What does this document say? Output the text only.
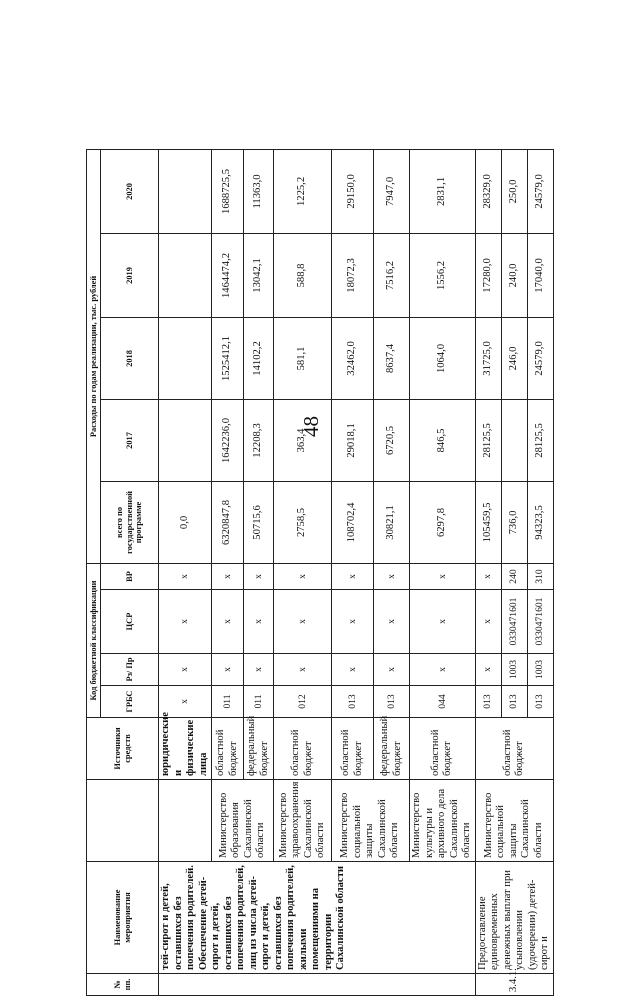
48
№ пп.	Наименование мероприятия		Источники средств	Код бюджетной классификации				Расходы по годам реализации, тыс. рублей				
				ГРБС	Рз/ Пр	ЦСР	ВР	всего по государственной программе	2017	2018	2019	2020
	тей-сирот и детей, оставшихся без попечения родителей. Обеспечение детей-сирот и детей, оставшихся без попечения родителей, лиц из числа детей-сирот и детей, оставшихся без попечения родителей, жилыми помещениями на территории Сахалинской области		юридические и физические лица	х	х	х	х	0,0				
		Министерство образования Сахалинской области	областной бюджет	011	х	х	х	6320847,8	1642236,0	1525412,1	1464474,2	1688725,5
			федеральный бюджет	011	х	х	х	50715,6	12208,3	14102,2	13042,1	11363,0
		Министерство здравоохранения Сахалинской области	областной бюджет	012	х	х	х	2758,5	363,4	581,1	588,8	1225,2
		Министерство социальной защиты Сахалинской области	областной бюджет	013	х	х	х	108702,4	29018,1	32462,0	18072,3	29150,0
			федеральный бюджет	013	х	х	х	30821,1	6720,5	8637,4	7516,2	7947,0
		Министерство культуры и архивного дела Сахалинской области	областной бюджет	044	х	х	х	6297,8	846,5	1064,0	1556,2	2831,1
3.4.1.	Предоставление единовременных денежных выплат при усыновлении (удочерении) детей-сирот и	Министерство социальной защиты Сахалинской области	областной бюджет	013	х	х	х	105459,5	28125,5	31725,0	17280,0	28329,0
				013	1003	0330471601	240	736,0		246,0	240,0	250,0
				013	1003	0330471601	310	94323,5	28125,5	24579,0	17040,0	24579,0
